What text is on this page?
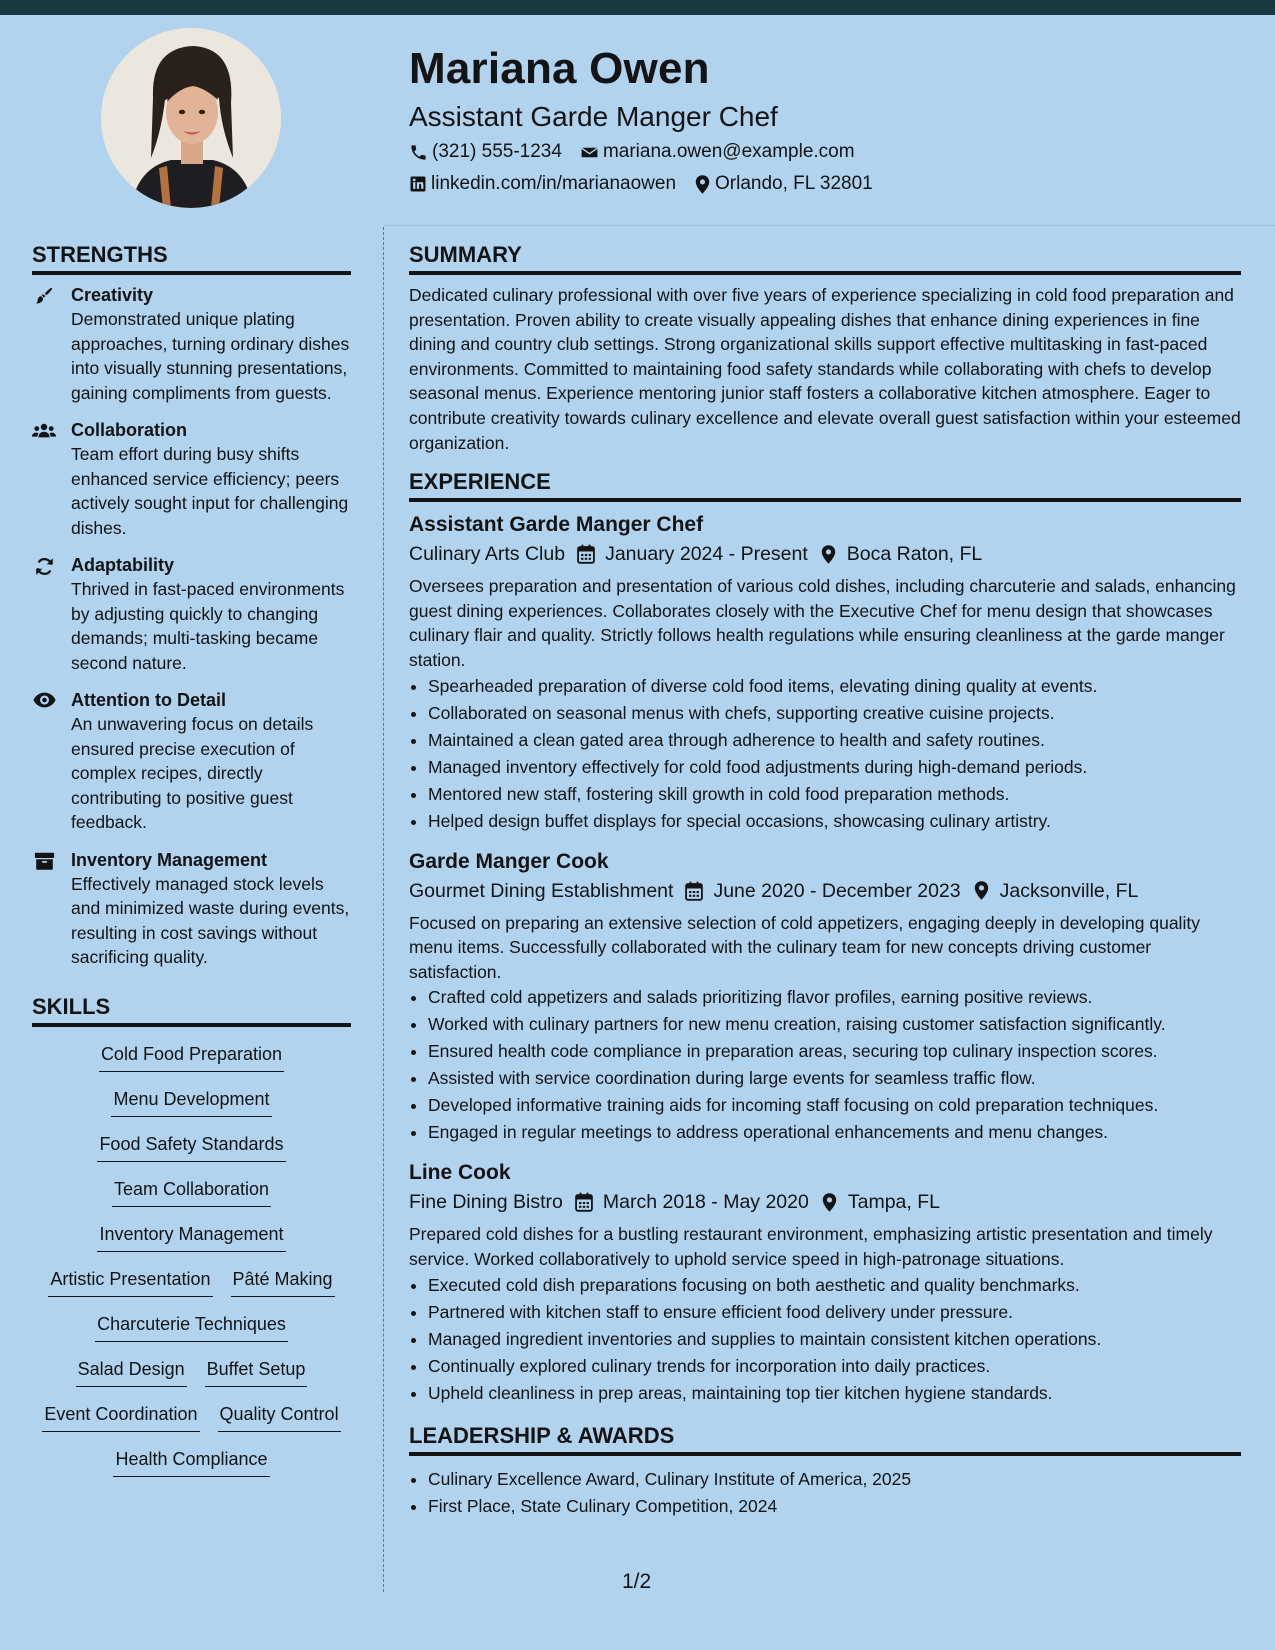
Mariana Owen
Assistant Garde Manger Chef
(321) 555-1234 mariana.owen@example.com
linkedin.com/in/marianaowen Orlando, FL 32801
STRENGTHS
Creativity
Demonstrated unique plating approaches, turning ordinary dishes into visually stunning presentations, gaining compliments from guests.
Collaboration
Team effort during busy shifts enhanced service efficiency; peers actively sought input for challenging dishes.
Adaptability
Thrived in fast-paced environments by adjusting quickly to changing demands; multi-tasking became second nature.
Attention to Detail
An unwavering focus on details ensured precise execution of complex recipes, directly contributing to positive guest feedback.
Inventory Management
Effectively managed stock levels and minimized waste during events, resulting in cost savings without sacrificing quality.
SKILLS
Cold Food Preparation
Menu Development
Food Safety Standards
Team Collaboration
Inventory Management
Artistic Presentation Pâté Making
Charcuterie Techniques
Salad Design Buffet Setup
Event Coordination Quality Control
Health Compliance
SUMMARY
Dedicated culinary professional with over five years of experience specializing in cold food preparation and presentation. Proven ability to create visually appealing dishes that enhance dining experiences in fine dining and country club settings. Strong organizational skills support effective multitasking in fast-paced environments. Committed to maintaining food safety standards while collaborating with chefs to develop seasonal menus. Experience mentoring junior staff fosters a collaborative kitchen atmosphere. Eager to contribute creativity towards culinary excellence and elevate overall guest satisfaction within your esteemed organization.
EXPERIENCE
Assistant Garde Manger Chef
Culinary Arts Club January 2024 - Present Boca Raton, FL
Oversees preparation and presentation of various cold dishes, including charcuterie and salads, enhancing guest dining experiences. Collaborates closely with the Executive Chef for menu design that showcases culinary flair and quality. Strictly follows health regulations while ensuring cleanliness at the garde manger station.
• Spearheaded preparation of diverse cold food items, elevating dining quality at events.
• Collaborated on seasonal menus with chefs, supporting creative cuisine projects.
• Maintained a clean gated area through adherence to health and safety routines.
• Managed inventory effectively for cold food adjustments during high-demand periods.
• Mentored new staff, fostering skill growth in cold food preparation methods.
• Helped design buffet displays for special occasions, showcasing culinary artistry.
Garde Manger Cook
Gourmet Dining Establishment June 2020 - December 2023 Jacksonville, FL
Focused on preparing an extensive selection of cold appetizers, engaging deeply in developing quality menu items. Successfully collaborated with the culinary team for new concepts driving customer satisfaction.
• Crafted cold appetizers and salads prioritizing flavor profiles, earning positive reviews.
• Worked with culinary partners for new menu creation, raising customer satisfaction significantly.
• Ensured health code compliance in preparation areas, securing top culinary inspection scores.
• Assisted with service coordination during large events for seamless traffic flow.
• Developed informative training aids for incoming staff focusing on cold preparation techniques.
• Engaged in regular meetings to address operational enhancements and menu changes.
Line Cook
Fine Dining Bistro March 2018 - May 2020 Tampa, FL
Prepared cold dishes for a bustling restaurant environment, emphasizing artistic presentation and timely service. Worked collaboratively to uphold service speed in high-patronage situations.
• Executed cold dish preparations focusing on both aesthetic and quality benchmarks.
• Partnered with kitchen staff to ensure efficient food delivery under pressure.
• Managed ingredient inventories and supplies to maintain consistent kitchen operations.
• Continually explored culinary trends for incorporation into daily practices.
• Upheld cleanliness in prep areas, maintaining top tier kitchen hygiene standards.
LEADERSHIP & AWARDS
• Culinary Excellence Award, Culinary Institute of America, 2025
• First Place, State Culinary Competition, 2024
1/2
